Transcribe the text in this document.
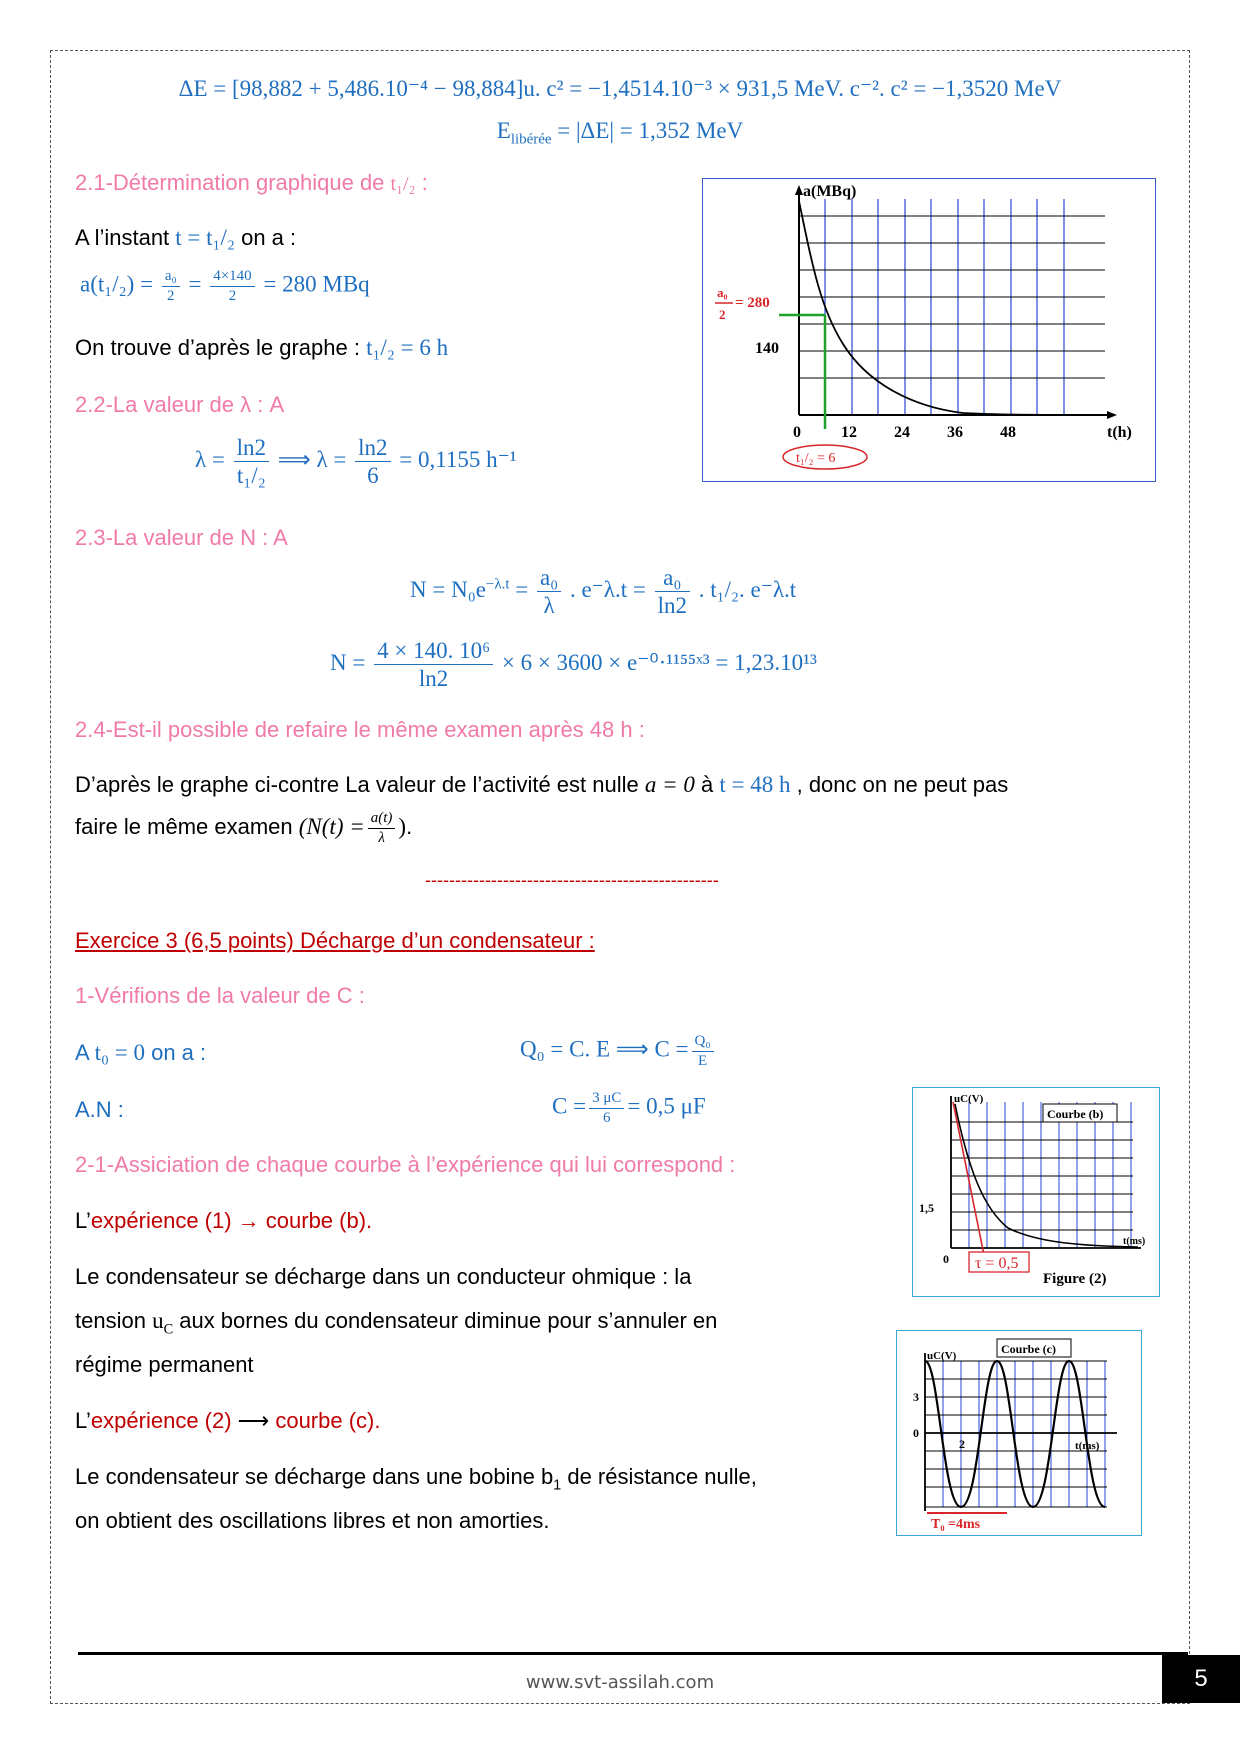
ΔE = [98,882 + 5,486.10⁻⁴ − 98,884]u. c² = −1,4514.10⁻³ × 931,5 MeV. c⁻². c² = −1,3520 MeV
$E_{libérée} = |\Delta E| = 1,352$ MeV
2.1-Détermination graphique de t₁/₂ :
A l’instant t = t₁/₂ on a :
$a(t_1/_2) = \frac{\text{a₀}}{2} = \frac{4\times 140}{2} = 280$ MBq
On trouve d’après le graphe : t₁/₂ = 6 h
2.2-La valeur de λ : A
$\lambda = \frac{\ln 2}{\text{t₁/₂}}$ ⟹ $\lambda = \frac{\ln 2}{6} = 0,1155$ h⁻¹
2.3-La valeur de N : A
$N = N_0e^{-\lambda.t} = \frac{\text{a₀}}{\lambda}$ . $e^-\lambda.t = \frac{\text{a₀}}{\ln 2}$ . t₁/₂. e⁻λ.t
$N = \frac{\text{4 × 140. 10⁶}}{\ln 2} \times 6 \times 3600$ × e⁻⁰·¹¹⁵⁵ˣ³ = 1,23.10¹³
2.4-Est-il possible de refaire le même examen après 48 h :
D’après le graphe ci-contre La valeur de l’activité est nulle a = 0 à t = 48 h , donc on ne peut pas
faire le même examen ($N(t) = \frac{a(t)}{\lambda}$ ).
-------------------------------------------------
Exercice 3 (6,5 points) Décharge d’un condensateur :
1-Vérifions de la valeur de C :
A t₀ = 0 on a :	Q₀ = C. E ⟹ $C = \frac{\text{Q₀}}{E}$
A.N :	$C = \frac{3 \mu C}{6} = 0,5$ μF
2-1-Assiciation de chaque courbe à l’expérience qui lui correspond :
L’expérience (1) → courbe (b).
Le condensateur se décharge dans un conducteur ohmique : la
tension $u_C$ aux bornes du condensateur diminue pour s’annuler en
régime permanent
L’expérience (2) ⟶ courbe (c).
Le condensateur se décharge dans une bobine $b_1$ de résistance nulle,
on obtient des oscillations libres et non amorties.
a(MBq)
a₀
2
= 280
140
0	12 24 36 48	t(h)
t₁/₂ = 6
Courbe (b)
uC(V)
1,5
0
t(ms)
τ = 0,5
Figure (2)
Courbe (c)
uC(V)
3
0
2	t(ms)
T₀ =4ms
www.svt-assilah.com	5
